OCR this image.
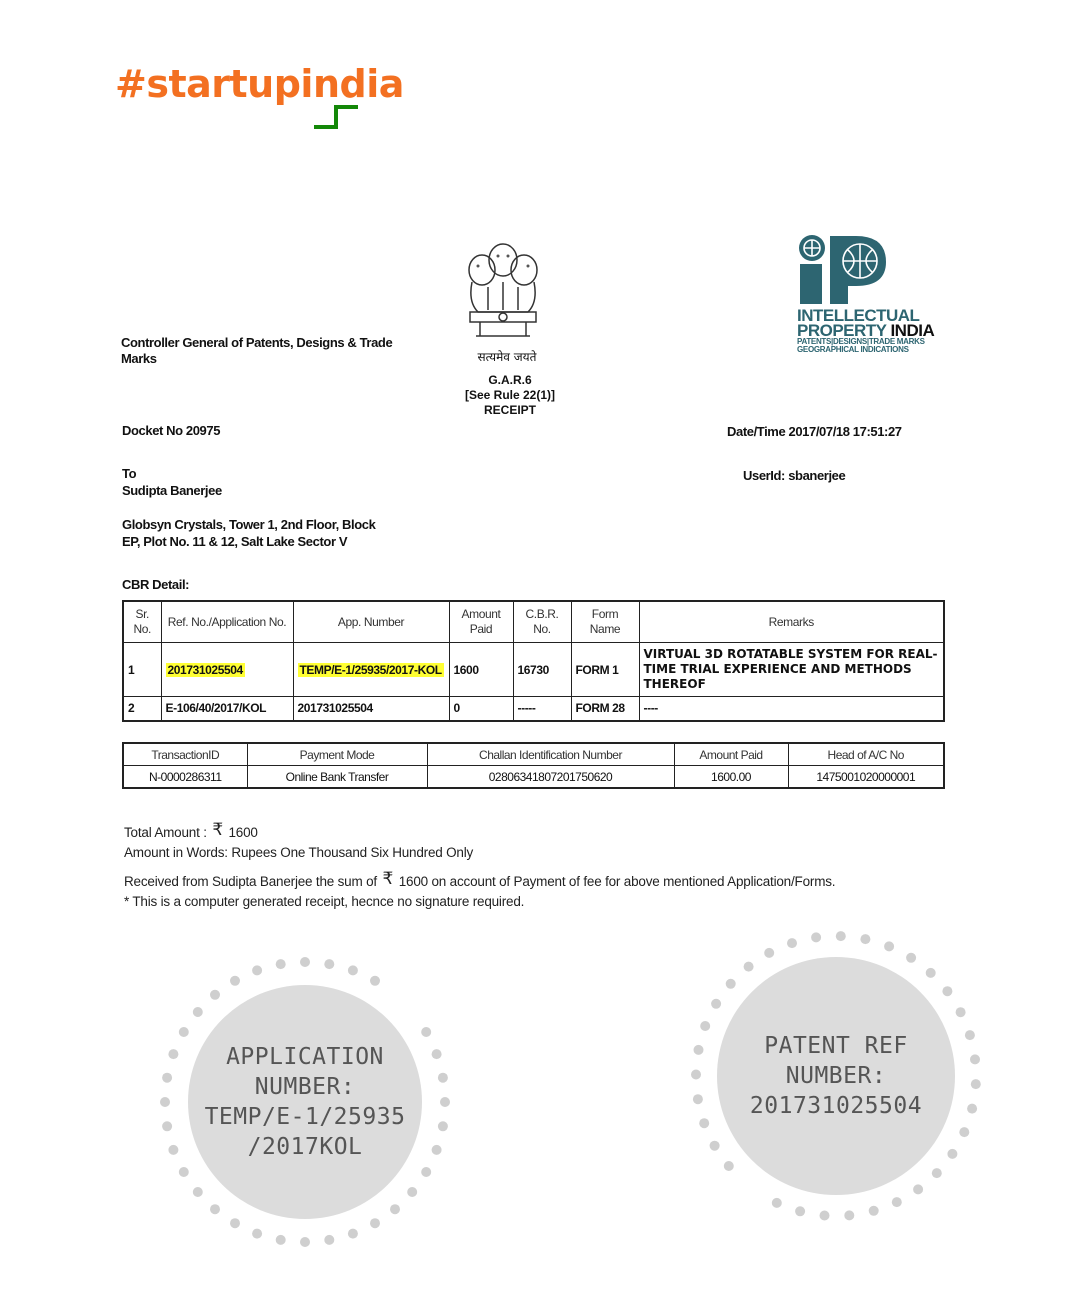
#startupindia
सत्यमेव जयते
G.A.R.6
[See Rule 22(1)]
RECEIPT
INTELLECTUAL
PROPERTY INDIA
PATENTS|DESIGNS|TRADE MARKS
GEOGRAPHICAL INDICATIONS
Controller General of Patents, Designs & Trade Marks
Docket No 20975	Date/Time 2017/07/18 17:51:27
UserId: sbanerjee
To
Sudipta Banerjee
Globsyn Crystals, Tower 1, 2nd Floor, Block
EP, Plot No. 11 & 12, Salt Lake Sector V
CBR Detail:
Sr. No.	Ref. No./Application No.	App. Number	Amount Paid	C.B.R. No.	Form Name	Remarks
1	201731025504	TEMP/E-1/25935/2017-KOL	1600	16730	FORM 1	VIRTUAL 3D ROTATABLE SYSTEM FOR REAL-TIME TRIAL EXPERIENCE AND METHODS THEREOF
2	E-106/40/2017/KOL	201731025504	0	-----	FORM 28	----
TransactionID	Payment Mode	Challan Identification Number	Amount Paid	Head of A/C No
N-0000286311	Online Bank Transfer	02806341807201750620	1600.00	1475001020000001
Total Amount : ₹ 1600
Amount in Words: Rupees One Thousand Six Hundred Only
Received from Sudipta Banerjee the sum of ₹ 1600 on account of Payment of fee for above mentioned Application/Forms.
* This is a computer generated receipt, hecnce no signature required.
APPLICATION
NUMBER:
TEMP/E-1/25935
/2017KOL
PATENT REF
NUMBER:
201731025504
